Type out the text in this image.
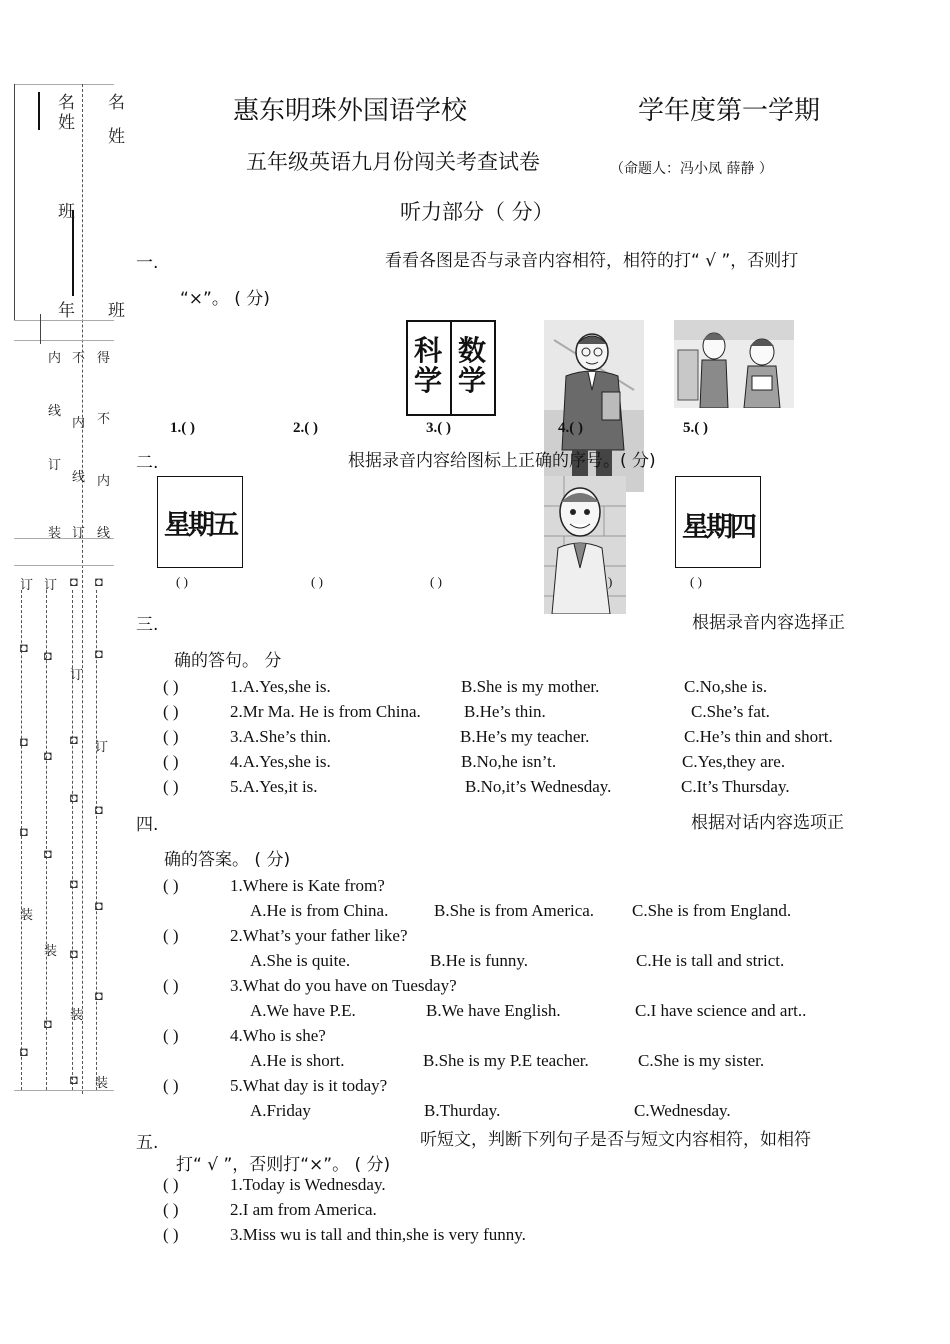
名
姓
名
姓
班
年 班
内
线
订
装
不
内
线
订
得
不
内
线
订 订
订
订
装
装
装
装
◘ ◘
◘
◘	◘
◘
◘
◘
◘
◘
◘
◘
◘
◘
◘
◘
◘
◘
◘
惠东明珠外国语学校	学年度第一学期
五年级英语九月份闯关考查试卷	（命题人：冯小凤 薛静 ）
听力部分（ 分）
一.	看看各图是否与录音内容相符，相符的打“ √ ”，否则打
“×”。 ( 分)
科学
数学
1.( )	2.( )	3.( )	4.( )	5.( )
二.	根据录音内容给图标上正确的序号。( 分)
星期五	星期四
( )	( )	( )	)	( )
三.	根据录音内容选择正
确的答句。 分
( )	1.A.Yes,she is.	B.She is my mother.	C.No,she is.
( )	2.Mr Ma. He is from China.	B.He’s thin.	C.She’s fat.
( )	3.A.She’s thin.	B.He’s my teacher.	C.He’s thin and short.
( )	4.A.Yes,she is.	B.No,he isn’t.	C.Yes,they are.
( )	5.A.Yes,it is.	B.No,it’s Wednesday.	C.It’s Thursday.
四.	根据对话内容选项正
确的答案。 ( 分)
( )	1.Where is Kate from?
A.He is from China.	B.She is from America. C.She is from England.
( )	2.What’s your father like?
A.She is quite.	B.He is funny.	C.He is tall and strict.
( )	3.What do you have on Tuesday?
A.We have P.E.	B.We have English.	C.I have science and art..
( )	4.Who is she?
A.He is short.	B.She is my P.E teacher.	C.She is my sister.
( )	5.What day is it today?
A.Friday	B.Thurday.	C.Wednesday.
五.	听短文，判断下列句子是否与短文内容相符，如相符
打“ √ ”，否则打“×”。 ( 分)
( )	1.Today is Wednesday.
( )	2.I am from America.
( )	3.Miss wu is tall and thin,she is very funny.
